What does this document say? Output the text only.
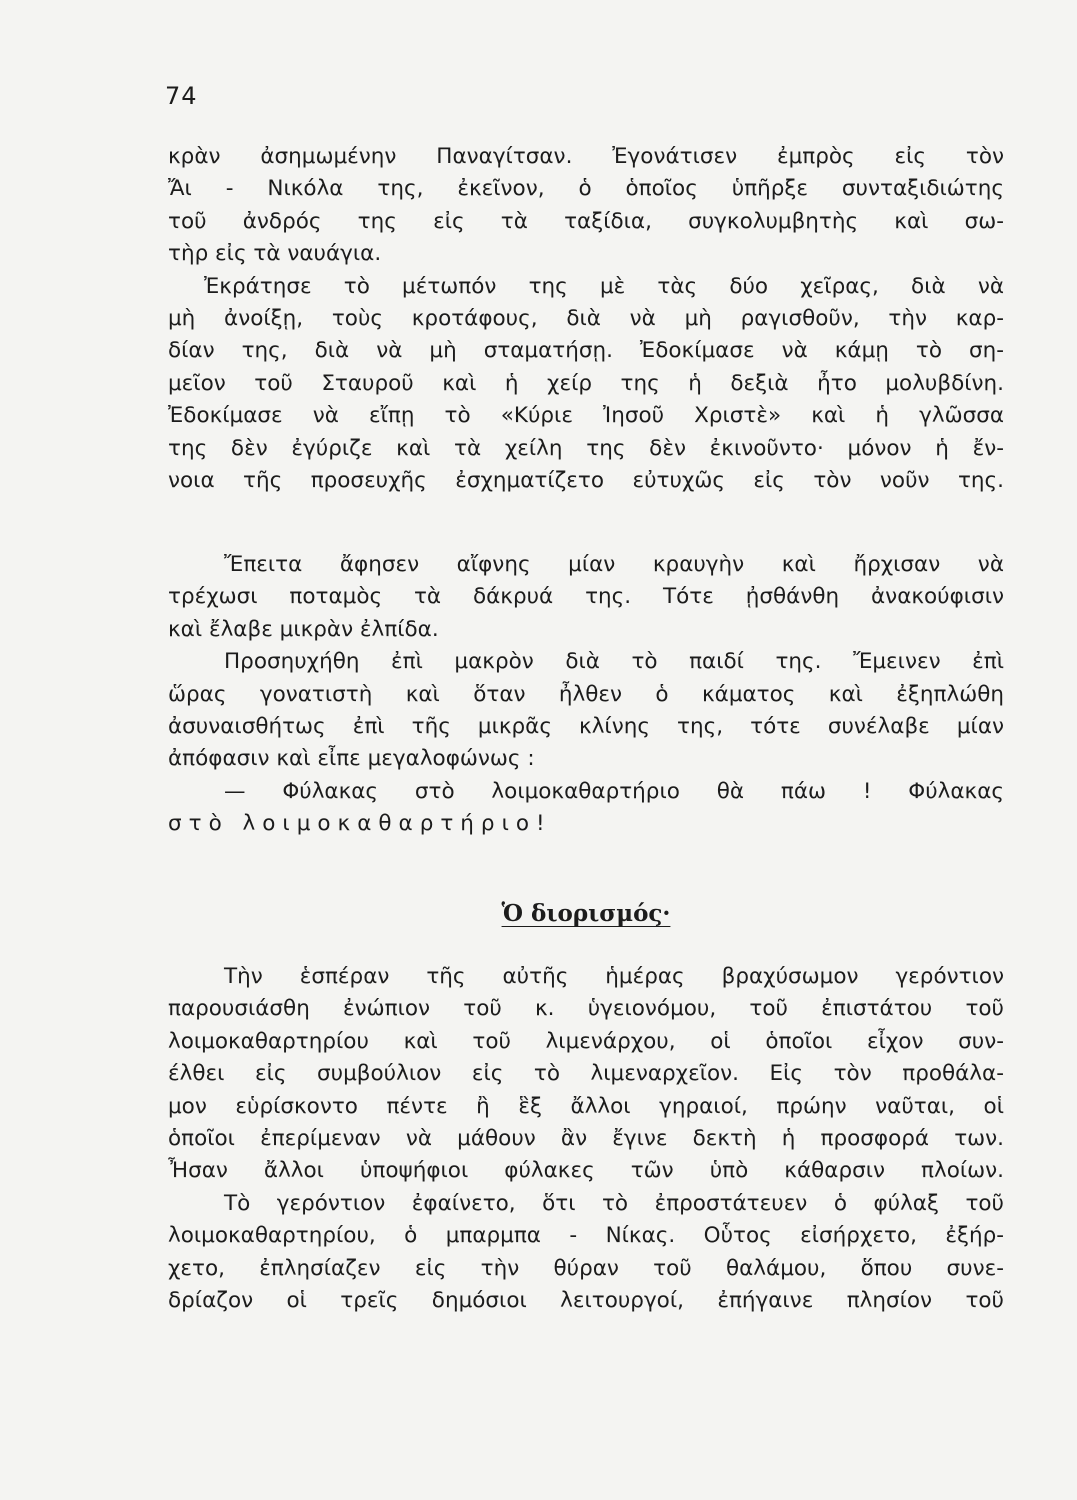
74
κρὰν ἀσημωμένην Παναγίτσαν. Ἐγονάτισεν ἐμπρὸς εἰς τὸν
Ἄι - Νικόλα της, ἐκεῖνον, ὁ ὁποῖος ὑπῆρξε συνταξιδιώτης
τοῦ ἀνδρός της εἰς τὰ ταξίδια, συγκολυμβητὴς καὶ σω-
τὴρ εἰς τὰ ναυάγια.
Ἐκράτησε τὸ μέτωπόν της μὲ τὰς δύο χεῖρας, διὰ νὰ
μὴ ἀνοίξῃ, τοὺς κροτάφους, διὰ νὰ μὴ ραγισθοῦν, τὴν καρ-
δίαν της, διὰ νὰ μὴ σταματήσῃ. Ἐδοκίμασε νὰ κάμῃ τὸ ση-
μεῖον τοῦ Σταυροῦ καὶ ἡ χείρ της ἡ δεξιὰ ἦτο μολυβδίνη.
Ἐδοκίμασε νὰ εἴπῃ τὸ «Κύριε Ἰησοῦ Χριστὲ» καὶ ἡ γλῶσσα
της δὲν ἐγύριζε καὶ τὰ χείλη της δὲν ἐκινοῦντο· μόνον ἡ ἔν-
νοια τῆς προσευχῆς ἐσχηματίζετο εὐτυχῶς εἰς τὸν νοῦν της.
Ἔπειτα ἄφησεν αἴφνης μίαν κραυγὴν καὶ ἤρχισαν νὰ
τρέχωσι ποταμὸς τὰ δάκρυά της. Τότε ᾐσθάνθη ἀνακούφισιν
καὶ ἔλαβε μικρὰν ἐλπίδα.
Προσηυχήθη ἐπὶ μακρὸν διὰ τὸ παιδί της. Ἔμεινεν ἐπὶ
ὥρας γονατιστὴ καὶ ὅταν ἦλθεν ὁ κάματος καὶ ἐξηπλώθη
ἀσυναισθήτως ἐπὶ τῆς μικρᾶς κλίνης της, τότε συνέλαβε μίαν
ἀπόφασιν καὶ εἶπε μεγαλοφώνως :
— Φύλακας στὸ λοιμοκαθαρτήριο θὰ πάω ! Φύλακας
στὸ λοιμοκαθαρτήριο!
Ὁ διορισμός·
Τὴν ἑσπέραν τῆς αὐτῆς ἡμέρας βραχύσωμον γερόντιον
παρουσιάσθη ἐνώπιον τοῦ κ. ὑγειονόμου, τοῦ ἐπιστάτου τοῦ
λοιμοκαθαρτηρίου καὶ τοῦ λιμενάρχου, οἱ ὁποῖοι εἶχον συν-
έλθει εἰς συμβούλιον εἰς τὸ λιμεναρχεῖον. Εἰς τὸν προθάλα-
μον εὑρίσκοντο πέντε ἢ ἓξ ἄλλοι γηραιοί, πρώην ναῦται, οἱ
ὁποῖοι ἐπερίμεναν νὰ μάθουν ἂν ἔγινε δεκτὴ ἡ προσφορά των.
Ἦσαν ἄλλοι ὑποψήφιοι φύλακες τῶν ὑπὸ κάθαρσιν πλοίων.
Τὸ γερόντιον ἐφαίνετο, ὅτι τὸ ἐπροστάτευεν ὁ φύλαξ τοῦ
λοιμοκαθαρτηρίου, ὁ μπαρμπα - Νίκας. Οὗτος εἰσήρχετο, ἐξήρ-
χετο, ἐπλησίαζεν εἰς τὴν θύραν τοῦ θαλάμου, ὅπου συνε-
δρίαζον οἱ τρεῖς δημόσιοι λειτουργοί, ἐπήγαινε πλησίον τοῦ
